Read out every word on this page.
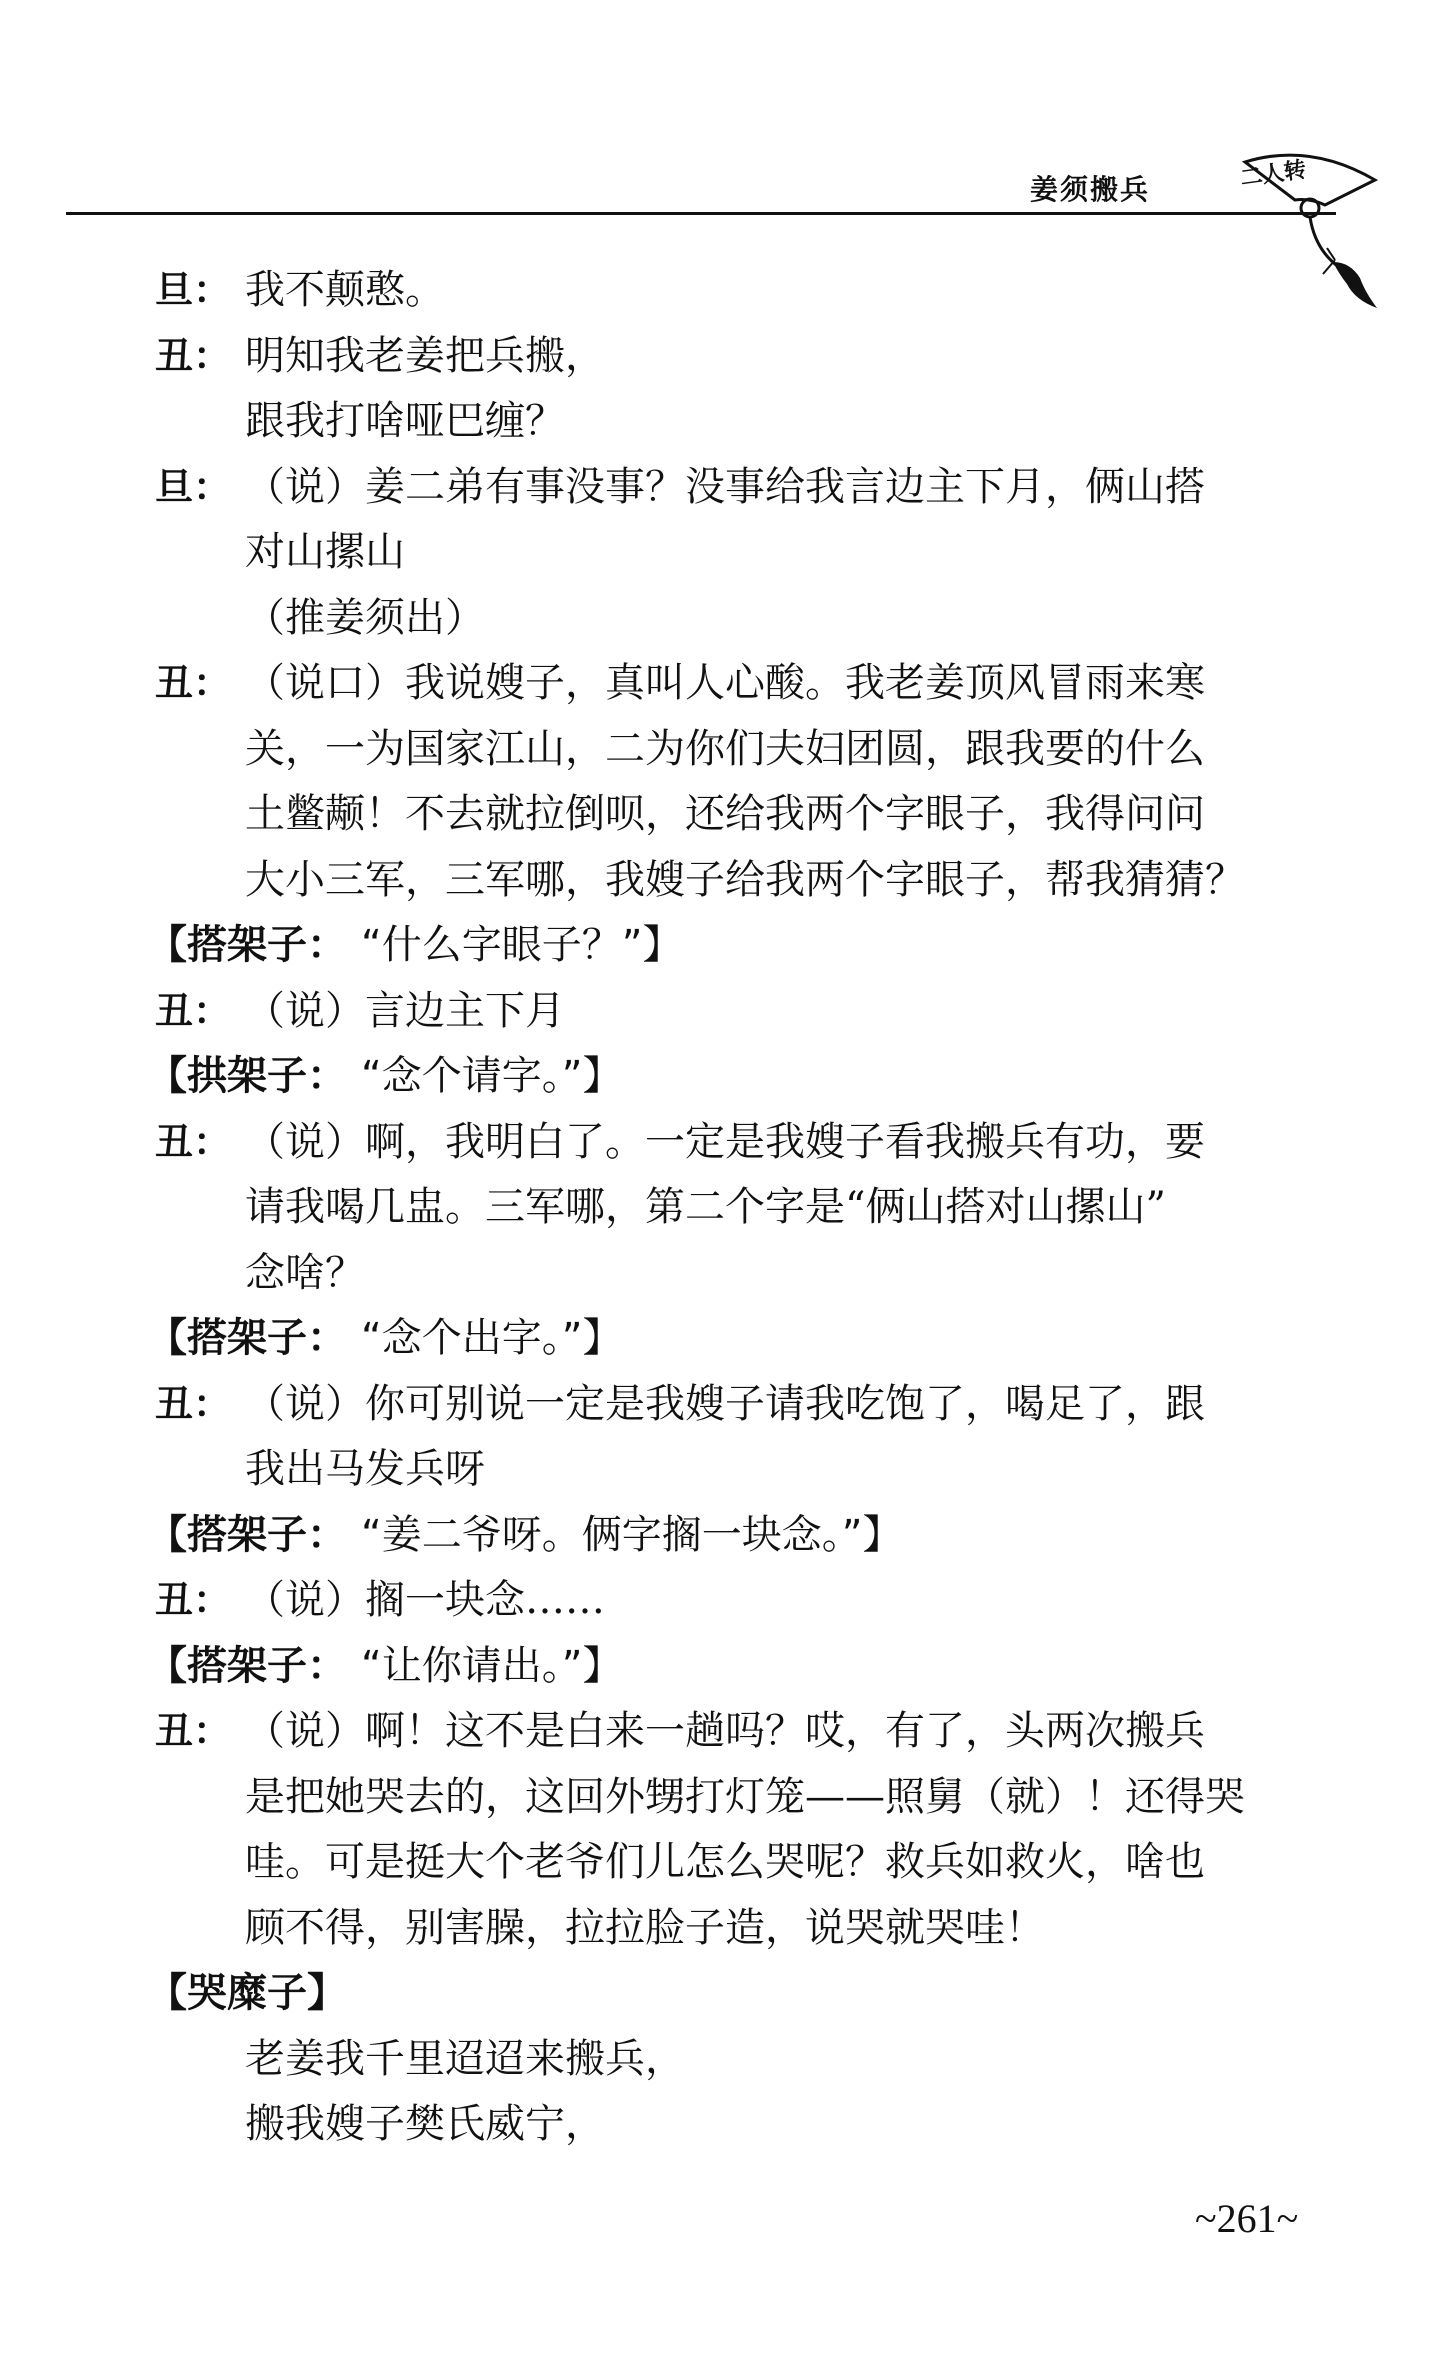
姜须搬兵	二人转
旦： 我不颠憨。
丑： 明知我老姜把兵搬，
跟我打啥哑巴缠？
旦： （说）姜二弟有事没事？没事给我言边主下月，俩山搭
对山摞山
（推姜须出）
丑： （说口）我说嫂子，真叫人心酸。我老姜顶风冒雨来寒
关，一为国家江山，二为你们夫妇团圆，跟我要的什么
土鳖颟！不去就拉倒呗，还给我两个字眼子，我得问问
大小三军，三军哪，我嫂子给我两个字眼子，帮我猜猜？
【搭架子： “什么字眼子？”】
丑： （说）言边主下月
【拱架子： “念个请字。”】
丑： （说）啊，我明白了。一定是我嫂子看我搬兵有功，要
请我喝几盅。三军哪，第二个字是“俩山搭对山摞山”
念啥？
【搭架子： “念个出字。”】
丑： （说）你可别说一定是我嫂子请我吃饱了，喝足了，跟
我出马发兵呀
【搭架子： “姜二爷呀。俩字搁一块念。”】
丑： （说）搁一块念……
【搭架子： “让你请出。”】
丑： （说）啊！这不是白来一趟吗？哎，有了，头两次搬兵
是把她哭去的，这回外甥打灯笼——照舅（就）！还得哭
哇。可是挺大个老爷们儿怎么哭呢？救兵如救火，啥也
顾不得，别害臊，拉拉脸子造，说哭就哭哇！
【哭糜子】
老姜我千里迢迢来搬兵，
搬我嫂子樊氏威宁，
~261~
